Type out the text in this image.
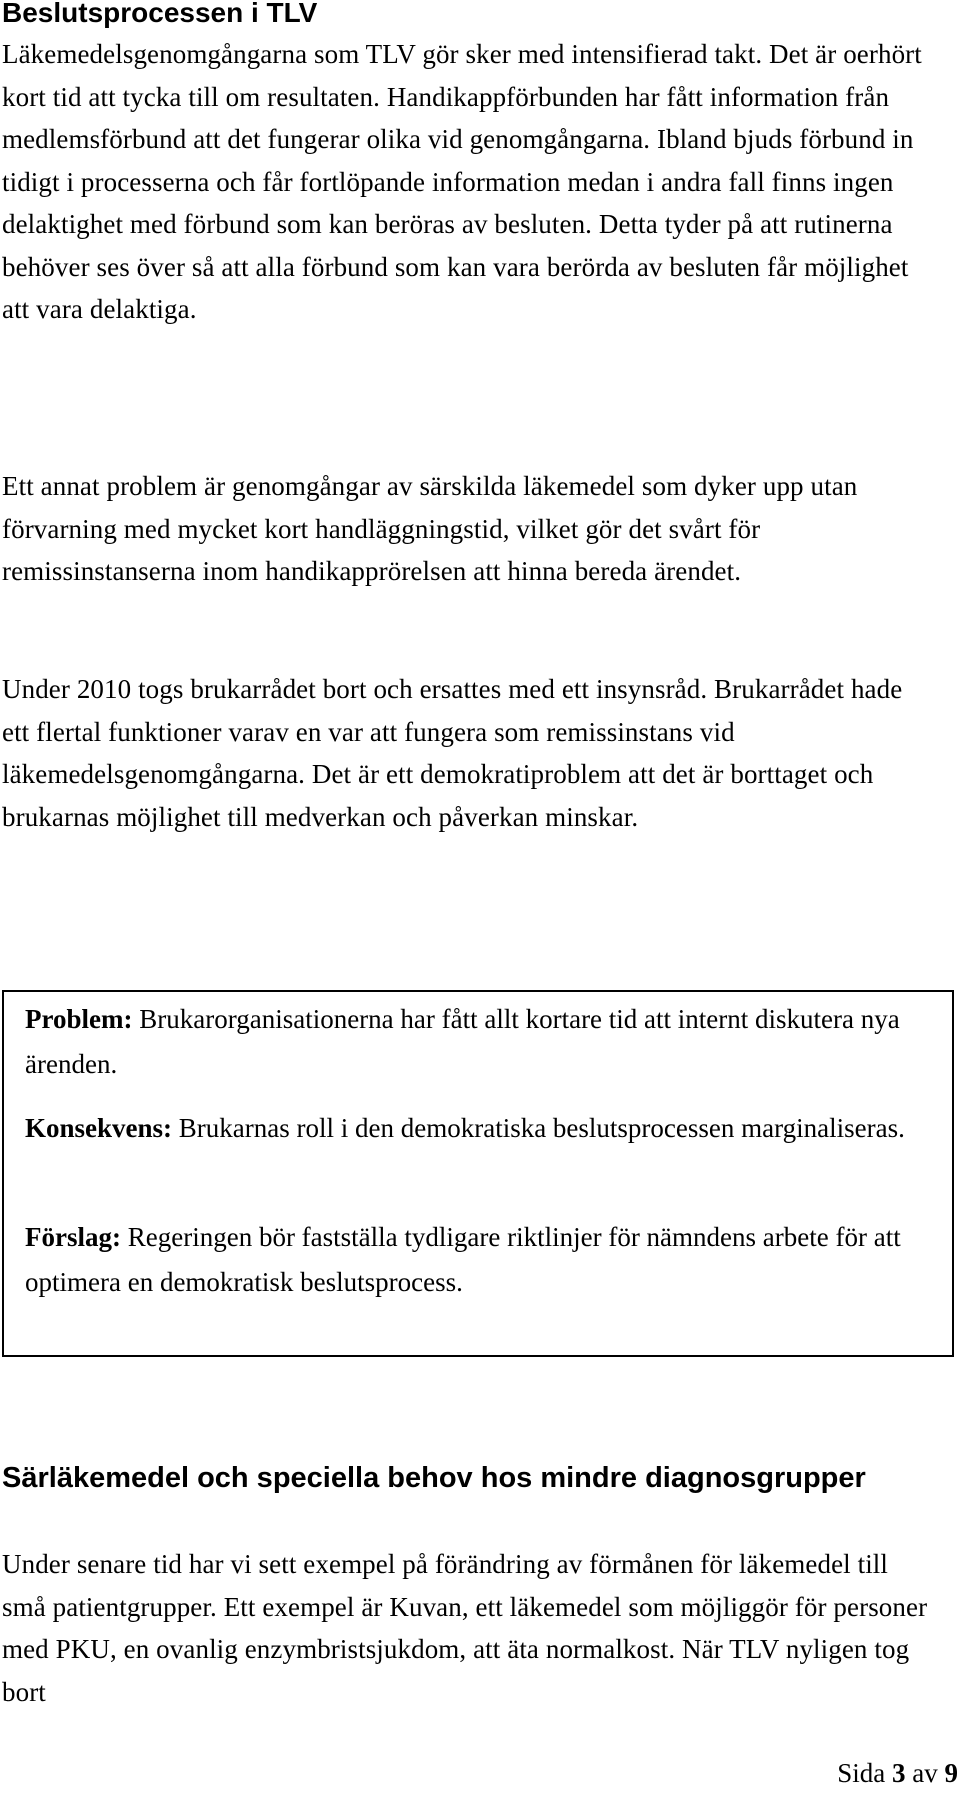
Beslutsprocessen i TLV

Läkemedelsgenomgångarna som TLV gör sker med intensifierad takt. Det är oerhört kort tid att tycka till om resultaten. Handikappförbunden har fått information från medlemsförbund att det fungerar olika vid genomgångarna. Ibland bjuds förbund in tidigt i processerna och får fortlöpande information medan i andra fall finns ingen delaktighet med förbund som kan beröras av besluten. Detta tyder på att rutinerna behöver ses över så att alla förbund som kan vara berörda av besluten får möjlighet att vara delaktiga.

Ett annat problem är genomgångar av särskilda läkemedel som dyker upp utan förvarning med mycket kort handläggningstid, vilket gör det svårt för remissinstanserna inom handikapprörelsen att hinna bereda ärendet.

Under 2010 togs brukarrådet bort och ersattes med ett insynsråd. Brukarrådet hade ett flertal funktioner varav en var att fungera som remissinstans vid läkemedelsgenomgångarna. Det är ett demokratiproblem att det är borttaget och brukarnas möjlighet till medverkan och påverkan minskar.

Problem: Brukarorganisationerna har fått allt kortare tid att internt diskutera nya ärenden.

Konsekvens: Brukarnas roll i den demokratiska beslutsprocessen marginaliseras.

Förslag: Regeringen bör fastställa tydligare riktlinjer för nämndens arbete för att optimera en demokratisk beslutsprocess.

Särläkemedel och speciella behov hos mindre diagnosgrupper

Under senare tid har vi sett exempel på förändring av förmånen för läkemedel till små patientgrupper. Ett exempel är Kuvan, ett läkemedel som möjliggör för personer med PKU, en ovanlig enzymbristsjukdom, att äta normalkost. När TLV nyligen tog bort

Sida 3 av 9
